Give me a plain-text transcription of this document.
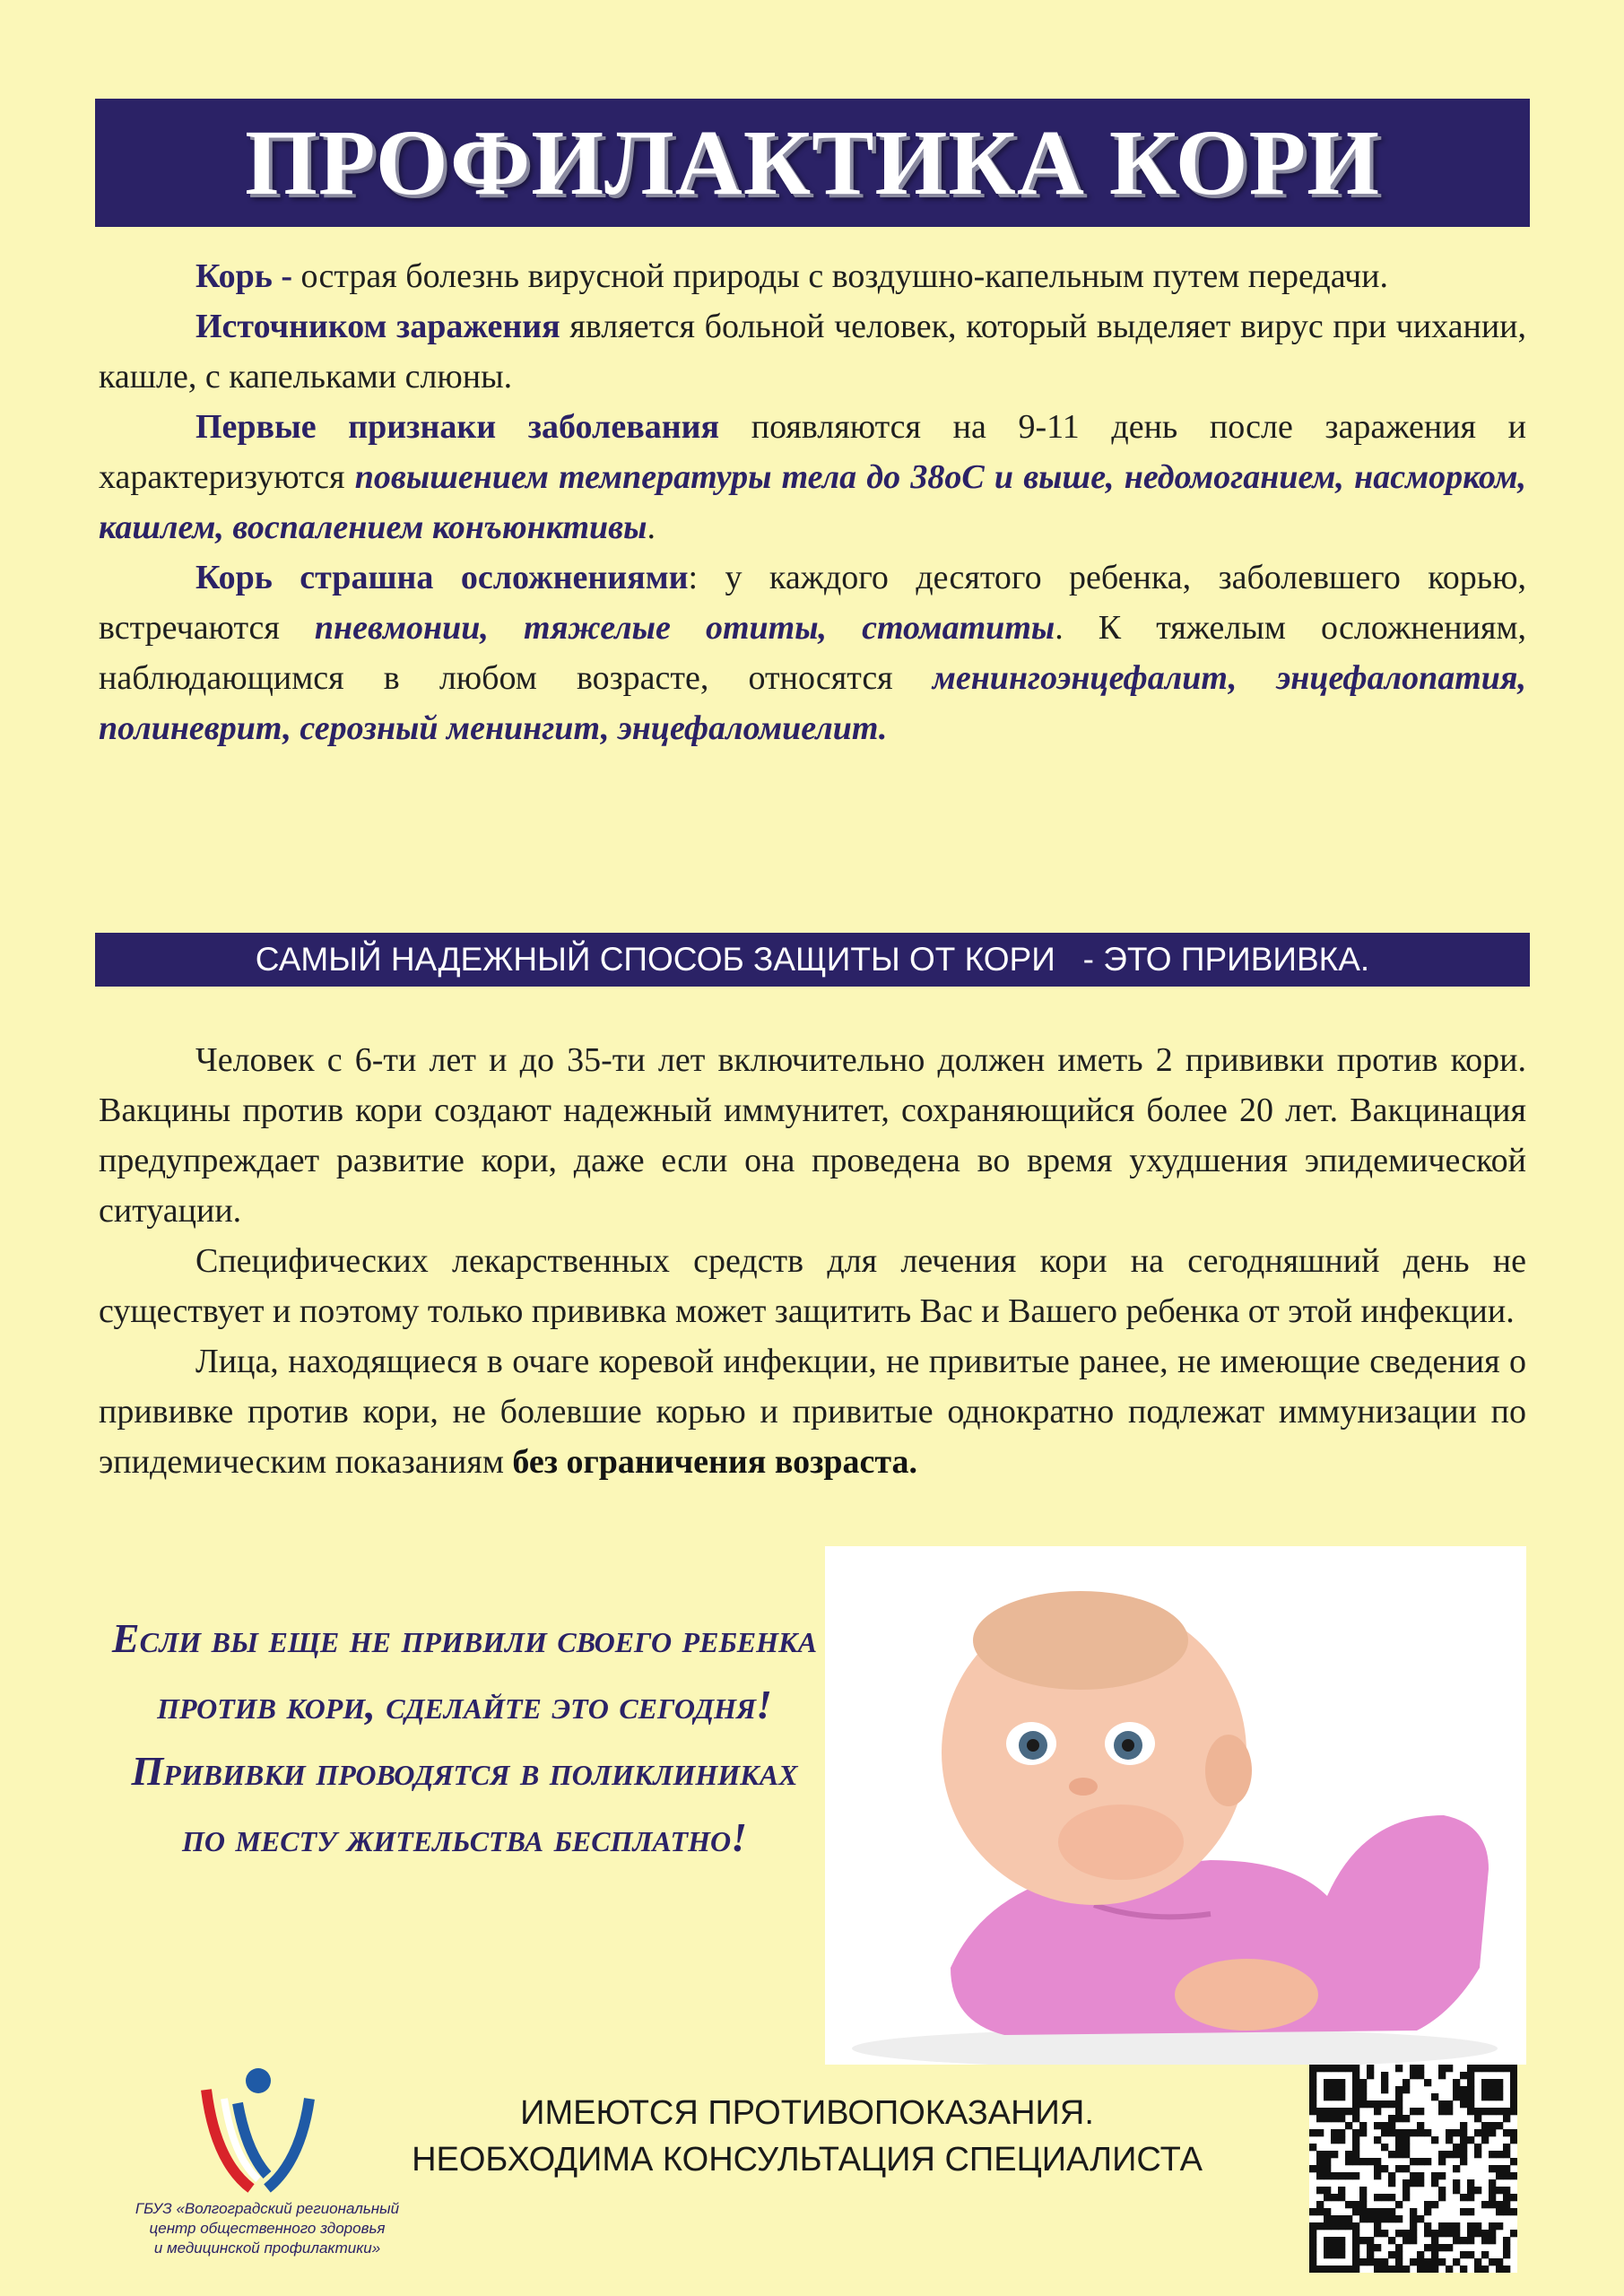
ПРОФИЛАКТИКА КОРИ

Корь - острая болезнь вирусной природы с воздушно-капельным путем передачи.

Источником заражения является больной человек, который выделяет вирус при чихании, кашле, с капельками слюны.

Первые признаки заболевания появляются на 9-11 день после заражения и характеризуются повышением температуры тела до 38оС и выше, недомоганием, насморком, кашлем, воспалением конъюнктивы.

Корь страшна осложнениями: у каждого десятого ребенка, заболевшего корью, встречаются пневмонии, тяжелые отиты, стоматиты. К тяжелым осложнениям, наблюдающимся в любом возрасте, относятся менингоэнцефалит, энцефалопатия, полиневрит, серозный менингит, энцефаломиелит.

САМЫЙ НАДЕЖНЫЙ СПОСОБ ЗАЩИТЫ ОТ КОРИ   - ЭТО ПРИВИВКА.

Человек с 6-ти лет и до 35-ти лет включительно должен иметь 2 прививки против кори. Вакцины против кори создают надежный иммунитет, сохраняющийся более 20 лет. Вакцинация предупреждает развитие кори, даже если она проведена во время ухудшения эпидемической ситуации.

Специфических лекарственных средств для лечения кори на сегодняшний день не существует и поэтому только прививка может защитить Вас и Вашего ребенка от этой инфекции.

Лица, находящиеся в очаге коревой инфекции, не привитые ранее, не имеющие сведения о прививке против кори, не болевшие корью и привитые однократно подлежат иммунизации по эпидемическим показаниям без ограничения возраста.

Если вы еще не привили своего ребенка против кори, сделайте это сегодня! Прививки проводятся в поликлиниках по месту жительства бесплатно!
ГБУЗ «Волгоградский региональный
центр общественного здоровья
и медицинской профилактики»
ИМЕЮТСЯ ПРОТИВОПОКАЗАНИЯ.
НЕОБХОДИМА КОНСУЛЬТАЦИЯ СПЕЦИАЛИСТА
